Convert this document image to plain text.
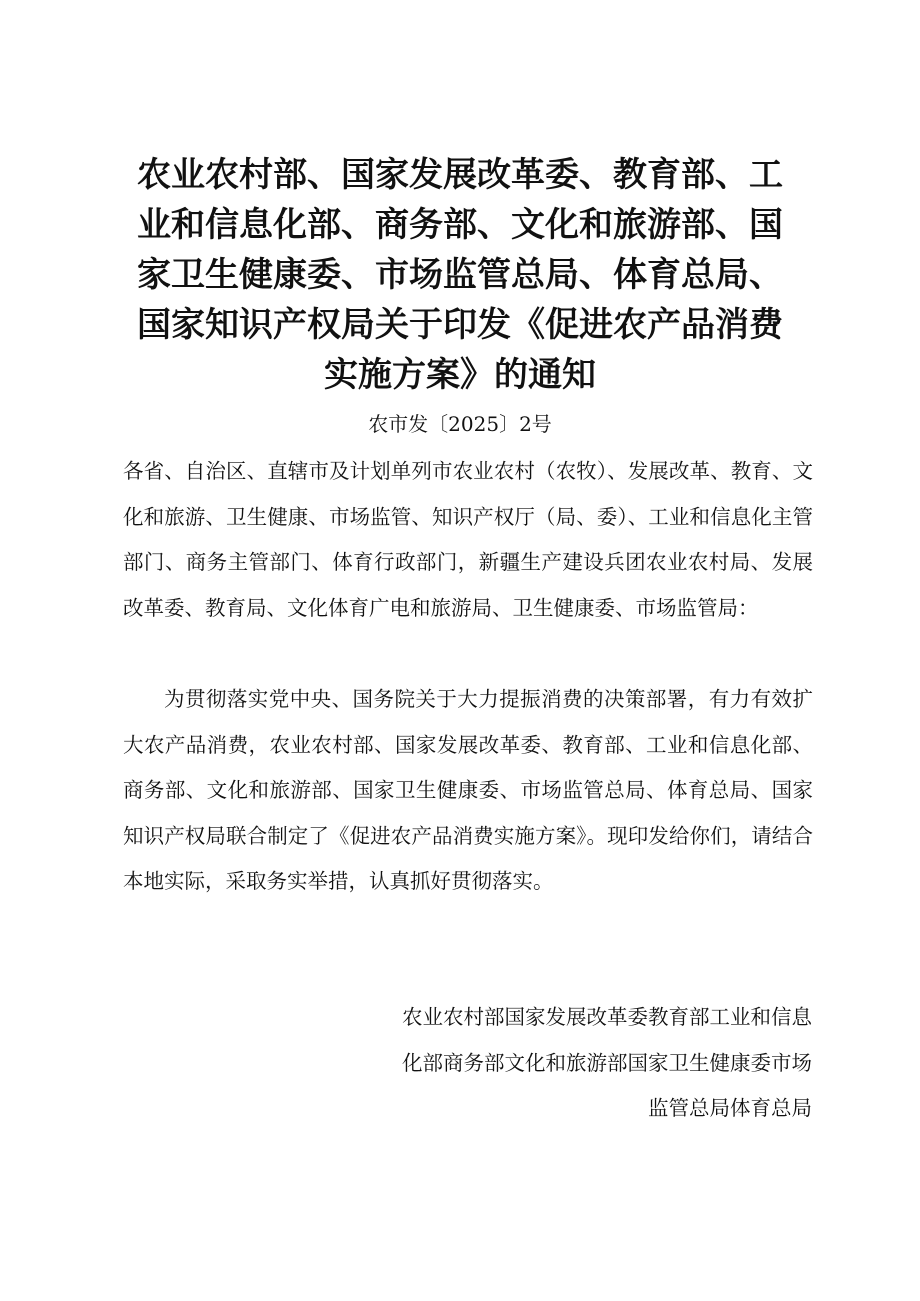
农业农村部、国家发展改革委、教育部、工业和信息化部、商务部、文化和旅游部、国家卫生健康委、市场监管总局、体育总局、国家知识产权局关于印发《促进农产品消费实施方案》的通知

农市发〔2025〕2号

各省、自治区、直辖市及计划单列市农业农村（农牧）、发展改革、教育、文化和旅游、卫生健康、市场监管、知识产权厅（局、委）、工业和信息化主管部门、商务主管部门、体育行政部门，新疆生产建设兵团农业农村局、发展改革委、教育局、文化体育广电和旅游局、卫生健康委、市场监管局：

为贯彻落实党中央、国务院关于大力提振消费的决策部署，有力有效扩大农产品消费，农业农村部、国家发展改革委、教育部、工业和信息化部、商务部、文化和旅游部、国家卫生健康委、市场监管总局、体育总局、国家知识产权局联合制定了《促进农产品消费实施方案》。现印发给你们，请结合本地实际，采取务实举措，认真抓好贯彻落实。

农业农村部国家发展改革委教育部工业和信息
化部商务部文化和旅游部国家卫生健康委市场
监管总局体育总局
